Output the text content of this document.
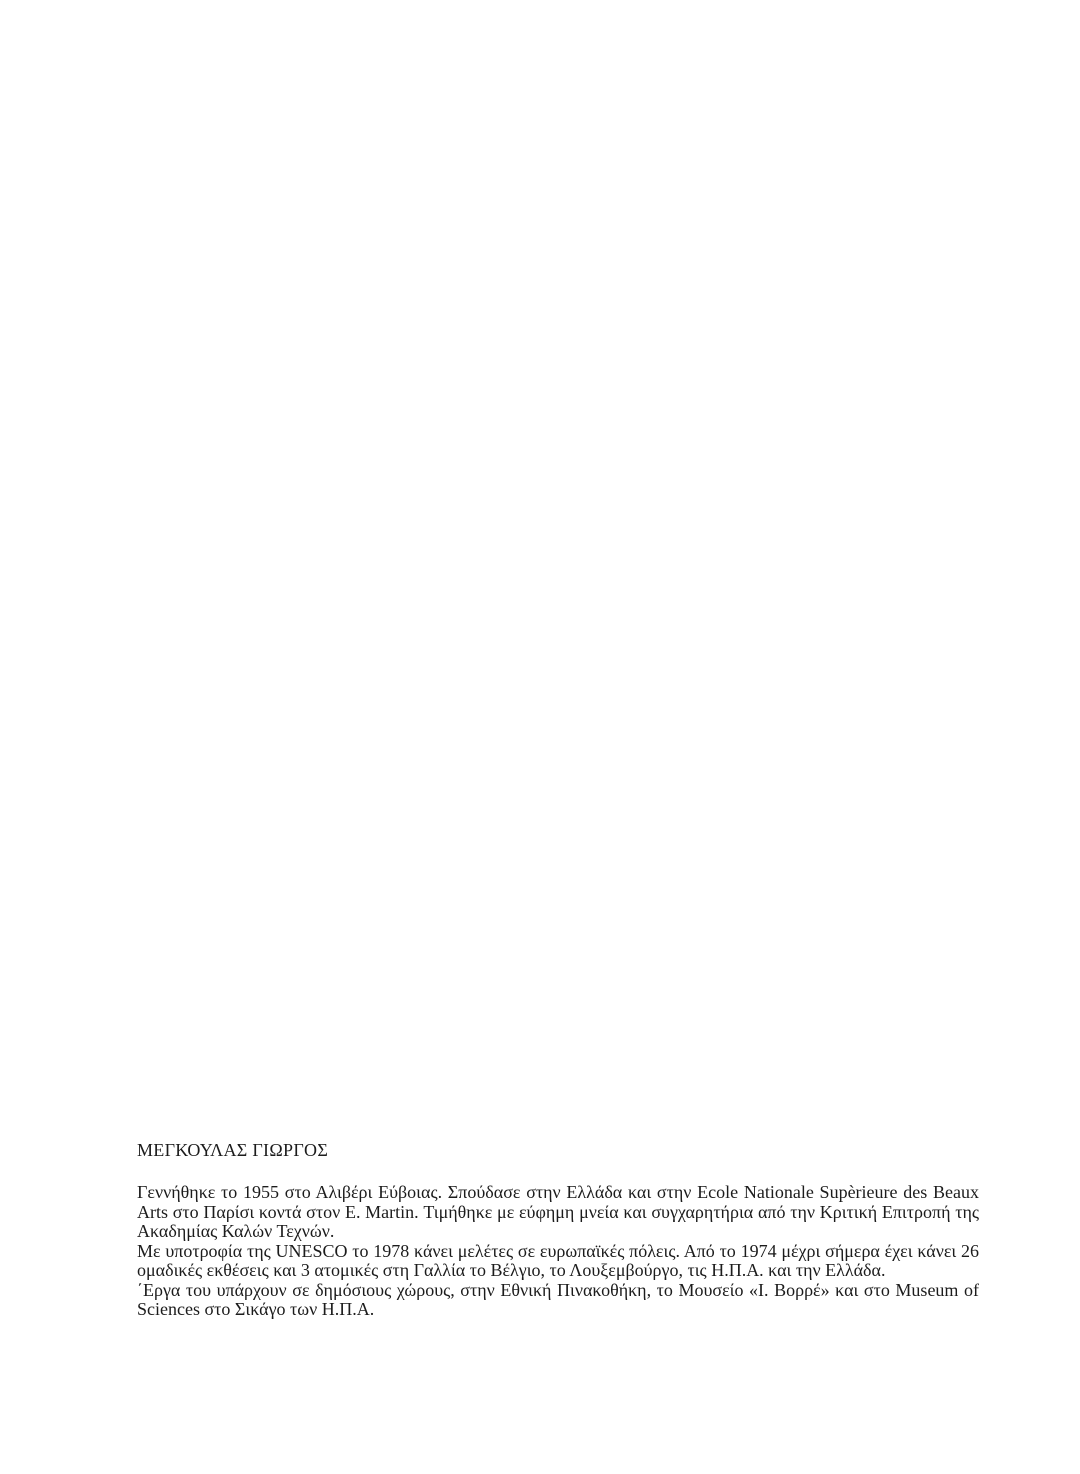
ΜΕΓΚΟΥΛΑΣ ΓΙΩΡΓΟΣ

Γεννήθηκε το 1955 στο Αλιβέρι Εύβοιας. Σπούδασε στην Ελλάδα και στην Ecole Nationale Supèrieure des Beaux Arts στο Παρίσι κοντά στον E. Martin. Τιμήθηκε με εύφημη μνεία και συγχαρητήρια από την Κριτική Επιτροπή της Ακαδημίας Καλών Τεχνών.

Με υποτροφία της UNESCO το 1978 κάνει μελέτες σε ευρωπαϊκές πόλεις. Από το 1974 μέχρι σήμερα έχει κάνει 26 ομαδικές εκθέσεις και 3 ατομικές στη Γαλλία το Βέλγιο, το Λουξεμβούργο, τις Η.Π.Α. και την Ελλάδα.

΄Εργα του υπάρχουν σε δημόσιους χώρους, στην Εθνική Πινακοθήκη, το Μουσείο «Ι. Βορρέ» και στο Museum of Sciences στο Σικάγο των Η.Π.Α.
